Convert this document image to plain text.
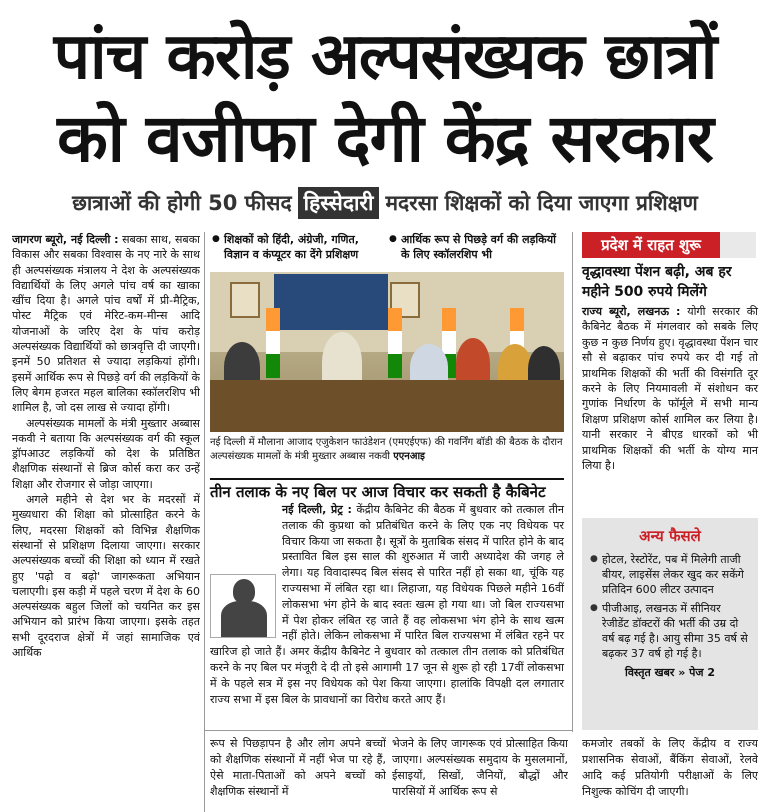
पांच करोड़ अल्पसंख्यक छात्रों
को वजीफा देगी केंद्र सरकार
छात्राओं की होगी 50 फीसद हिस्सेदारी मदरसा शिक्षकों को दिया जाएगा प्रशिक्षण

जागरण ब्यूरो, नई दिल्ली : सबका साथ, सबका विकास और सबका विश्वास के नए नारे के साथ ही अल्पसंख्यक मंत्रालय ने देश के अल्पसंख्यक विद्यार्थियों के लिए अगले पांच वर्ष का खाका खींच दिया है। अगले पांच वर्षों में प्री-मैट्रिक, पोस्ट मैट्रिक एवं मेरिट-कम-मीन्स आदि योजनाओं के जरिए देश के पांच करोड़ अल्पसंख्यक विद्यार्थियों को छात्रवृत्ति दी जाएगी। इनमें 50 प्रतिशत से ज्यादा लड़कियां होंगी। इसमें आर्थिक रूप से पिछड़े वर्ग की लड़कियों के लिए बेगम हजरत महल बालिका स्कॉलरशिप भी शामिल है, जो दस लाख से ज्यादा होंगी।

अल्पसंख्यक मामलों के मंत्री मुख्तार अब्बास नकवी ने बताया कि अल्पसंख्यक वर्ग की स्कूल ड्रॉपआउट लड़कियों को देश के प्रतिष्ठित शैक्षणिक संस्थानों से ब्रिज कोर्स करा कर उन्हें शिक्षा और रोजगार से जोड़ा जाएगा।

अगले महीने से देश भर के मदरसों में मुख्यधारा की शिक्षा को प्रोत्साहित करने के लिए, मदरसा शिक्षकों को विभिन्न शैक्षणिक संस्थानों से प्रशिक्षण दिलाया जाएगा। सरकार अल्पसंख्यक बच्चों की शिक्षा को ध्यान में रखते हुए 'पढ़ो व बढ़ो' जागरूकता अभियान चलाएगी। इस कड़ी में पहले चरण में देश के 60 अल्पसंख्यक बहुल जिलों को चयनित कर इस अभियान को प्रारंभ किया जाएगा। इसके तहत सभी दूरदराज क्षेत्रों में जहां सामाजिक एवं आर्थिक

● शिक्षकों को हिंदी, अंग्रेजी, गणित, विज्ञान व कंप्यूटर का देंगे प्रशिक्षण
● आर्थिक रूप से पिछड़े वर्ग की लड़कियों के लिए स्कॉलरशिप भी
नई दिल्ली में मौलाना आजाद एजुकेशन फाउंडेशन (एमएईएफ) की गवर्निंग बॉडी की बैठक के दौरान अल्पसंख्यक मामलों के मंत्री मुख्तार अब्बास नकवी एएनआइ
तीन तलाक के नए बिल पर आज विचार कर सकती है कैबिनेट
नई दिल्ली, प्रेट्र : केंद्रीय कैबिनेट की बैठक में बुधवार को तत्काल तीन तलाक की कुप्रथा को प्रतिबंधित करने के लिए एक नए विधेयक पर विचार किया जा सकता है। सूत्रों के मुताबिक संसद में पारित होने के बाद प्रस्तावित बिल इस साल की शुरुआत में जारी अध्यादेश की जगह ले लेगा। यह विवादास्पद बिल संसद से पारित नहीं हो सका था, चूंकि यह राज्यसभा में लंबित रहा था। लिहाजा, यह विधेयक पिछले महीने 16वीं लोकसभा भंग होने के बाद स्वतः खत्म हो गया था। जो बिल राज्यसभा में पेश होकर लंबित रह जाते हैं वह लोकसभा भंग होने के साथ खत्म नहीं होते। लेकिन लोकसभा में पारित बिल राज्यसभा में लंबित रहने पर खारिज हो जाते हैं। अमर केंद्रीय कैबिनेट ने बुधवार को तत्काल तीन तलाक को प्रतिबंधित करने के नए बिल पर मंजूरी दे दी तो इसे आगामी 17 जून से शुरू हो रही 17वीं लोकसभा में के पहले सत्र में इस नए विधेयक को पेश किया जाएगा। हालांकि विपक्षी दल लगातार राज्य सभा में इस बिल के प्रावधानों का विरोध करते आए हैं।
रूप से पिछड़ापन है और लोग अपने बच्चों को शैक्षणिक संस्थानों में नहीं भेज पा रहे हैं, ऐसे माता-पिताओं को अपने बच्चों को शैक्षणिक संस्थानों में
भेजने के लिए जागरूक एवं प्रोत्साहित किया जाएगा। अल्पसंख्यक समुदाय के मुसलमानों, ईसाइयों, सिखों, जैनियों, बौद्धों और पारसियों में आर्थिक रूप से
कमजोर तबकों के लिए केंद्रीय व राज्य प्रशासनिक सेवाओं, बैंकिंग सेवाओं, रेलवे आदि कई प्रतियोगी परीक्षाओं के लिए निशुल्क कोचिंग दी जाएगी।
प्रदेश में राहत शुरू
वृद्धावस्था पेंशन बढ़ी, अब हर महीने 500 रुपये मिलेंगे
राज्य ब्यूरो, लखनऊ : योगी सरकार की कैबिनेट बैठक में मंगलवार को सबके लिए कुछ न कुछ निर्णय हुए। वृद्धावस्था पेंशन चार सौ से बढ़ाकर पांच रुपये कर दी गई तो प्राथमिक शिक्षकों की भर्ती की विसंगति दूर करने के लिए नियमावली में संशोधन कर गुणांक निर्धारण के फॉर्मूले में सभी मान्य शिक्षण प्रशिक्षण कोर्स शामिल कर लिया है। यानी सरकार ने बीएड धारकों को भी प्राथमिक शिक्षकों की भर्ती के योग्य मान लिया है।
अन्य फैसले
● होटल, रेस्टोरेंट, पब में मिलेगी ताजी बीयर, लाइसेंस लेकर खुद कर सकेंगे प्रतिदिन 600 लीटर उत्पादन
● पीजीआइ, लखनऊ में सीनियर रेजीडेंट डॉक्टरों की भर्ती की उम्र दो वर्ष बढ़ गई है। आयु सीमा 35 वर्ष से बढ़कर 37 वर्ष हो गई है।
विस्तृत खबर » पेज 2
